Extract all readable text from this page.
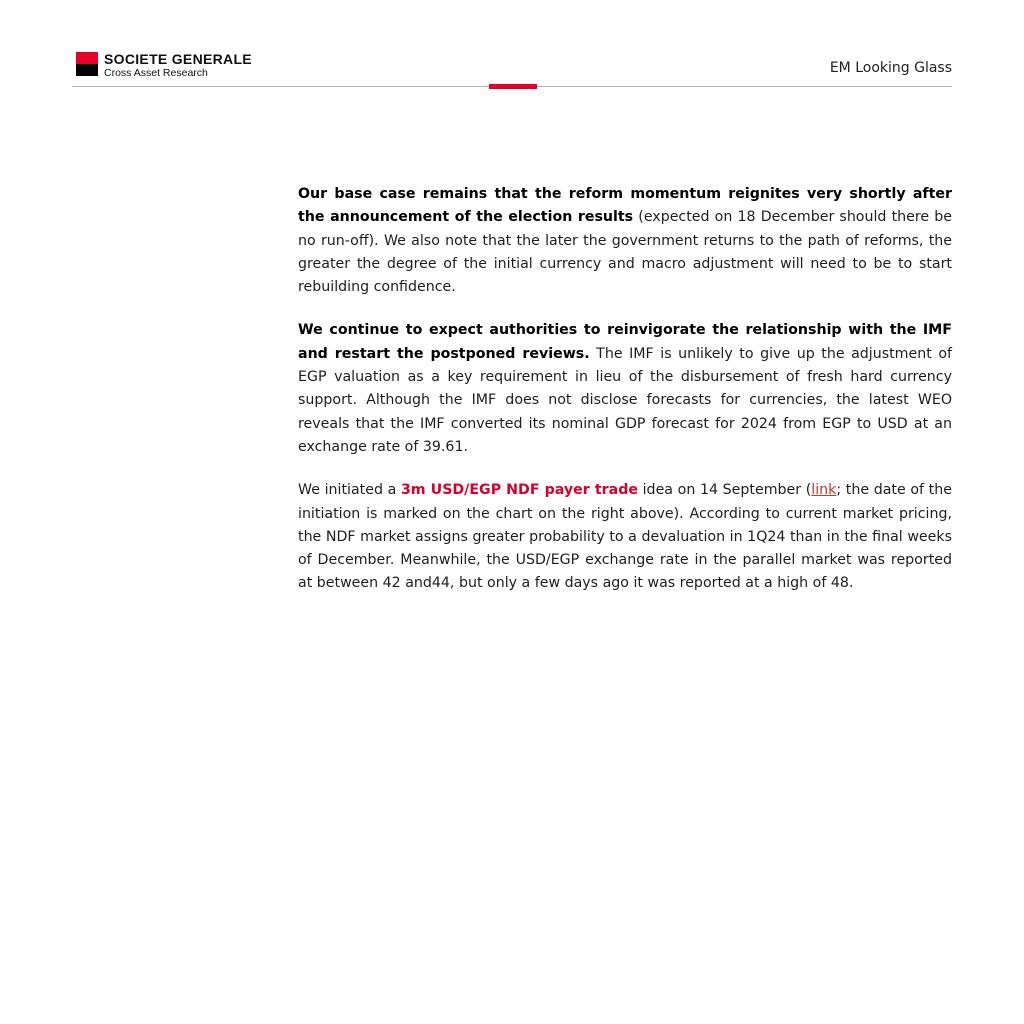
SOCIETE GENERALE
Cross Asset Research	EM Looking Glass

Our base case remains that the reform momentum reignites very shortly after the announcement of the election results (expected on 18 December should there be no run-off). We also note that the later the government returns to the path of reforms, the greater the degree of the initial currency and macro adjustment will need to be to start rebuilding confidence.

We continue to expect authorities to reinvigorate the relationship with the IMF and restart the postponed reviews. The IMF is unlikely to give up the adjustment of EGP valuation as a key requirement in lieu of the disbursement of fresh hard currency support. Although the IMF does not disclose forecasts for currencies, the latest WEO reveals that the IMF converted its nominal GDP forecast for 2024 from EGP to USD at an exchange rate of 39.61.

We initiated a 3m USD/EGP NDF payer trade idea on 14 September (link; the date of the initiation is marked on the chart on the right above). According to current market pricing, the NDF market assigns greater probability to a devaluation in 1Q24 than in the final weeks of December. Meanwhile, the USD/EGP exchange rate in the parallel market was reported at between 42 and44, but only a few days ago it was reported at a high of 48.
